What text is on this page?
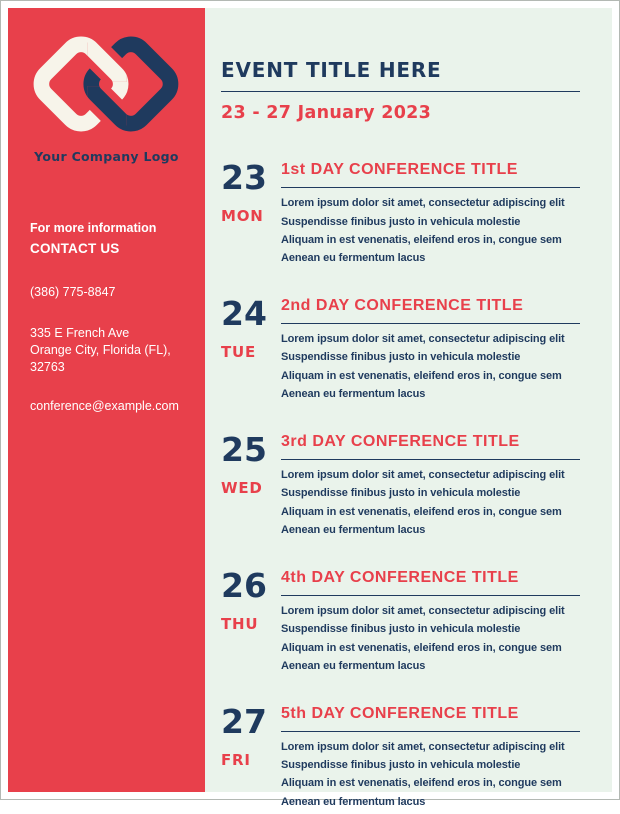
Your Company Logo
For more information
CONTACT US
(386) 775-8847
335 E French Ave
Orange City, Florida (FL), 32763
conference@example.com
EVENT TITLE HERE
23 - 27 January 2023
23
MON
1st DAY CONFERENCE TITLE

Lorem ipsum dolor sit amet, consectetur adipiscing elit

Suspendisse finibus justo in vehicula molestie

Aliquam in est venenatis, eleifend eros in, congue sem

Aenean eu fermentum lacus

24
TUE
2nd DAY CONFERENCE TITLE

Lorem ipsum dolor sit amet, consectetur adipiscing elit

Suspendisse finibus justo in vehicula molestie

Aliquam in est venenatis, eleifend eros in, congue sem

Aenean eu fermentum lacus

25
WED
3rd DAY CONFERENCE TITLE

Lorem ipsum dolor sit amet, consectetur adipiscing elit

Suspendisse finibus justo in vehicula molestie

Aliquam in est venenatis, eleifend eros in, congue sem

Aenean eu fermentum lacus

26
THU
4th DAY CONFERENCE TITLE

Lorem ipsum dolor sit amet, consectetur adipiscing elit

Suspendisse finibus justo in vehicula molestie

Aliquam in est venenatis, eleifend eros in, congue sem

Aenean eu fermentum lacus

27
FRI
5th DAY CONFERENCE TITLE

Lorem ipsum dolor sit amet, consectetur adipiscing elit

Suspendisse finibus justo in vehicula molestie

Aliquam in est venenatis, eleifend eros in, congue sem

Aenean eu fermentum lacus
